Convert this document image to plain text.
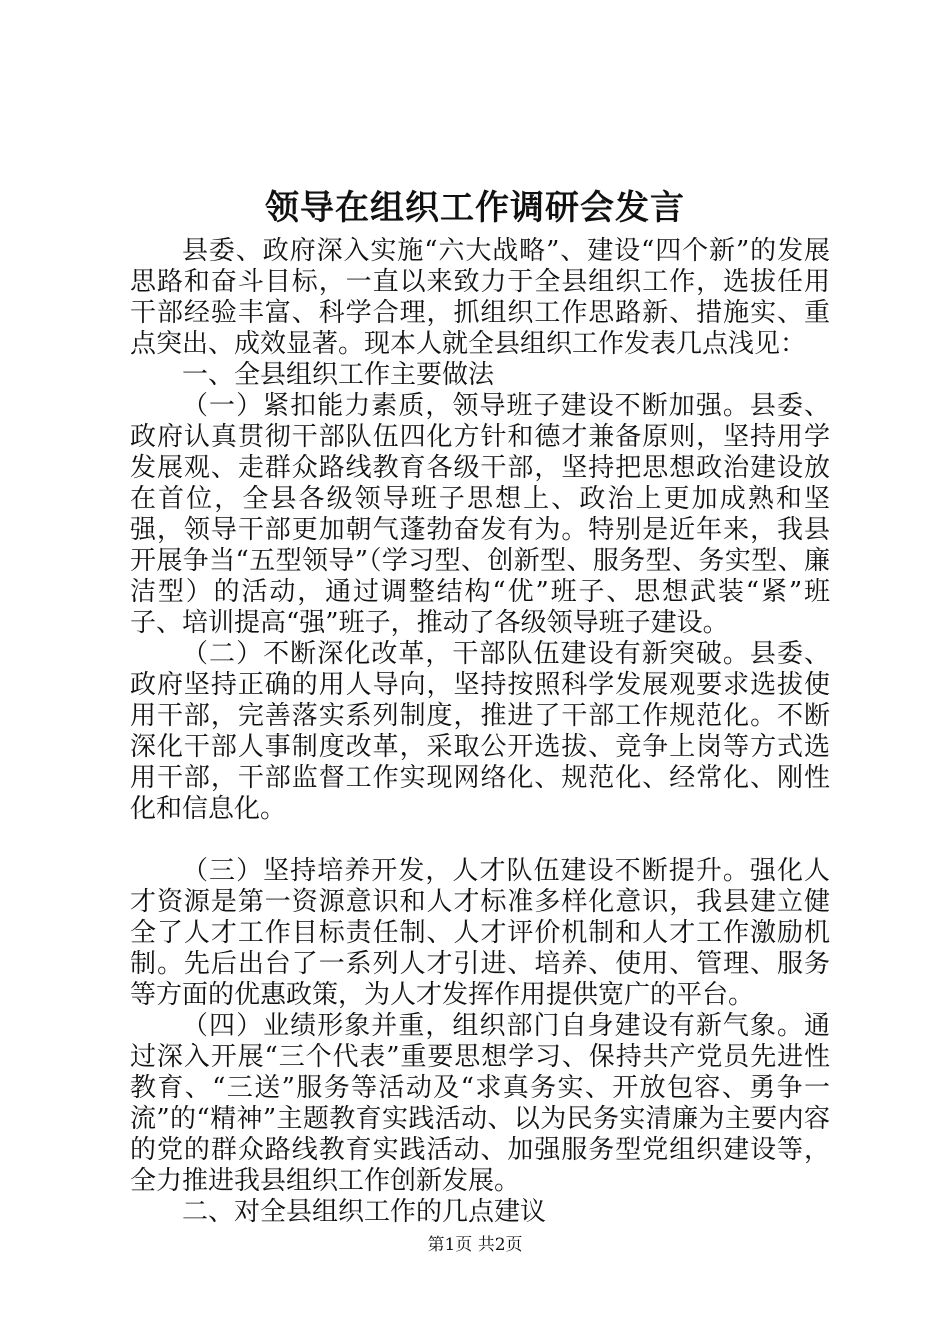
领导在组织工作调研会发言

县委、政府深入实施“六大战略”、建设“四个新”的发展思路和奋斗目标，一直以来致力于全县组织工作，选拔任用干部经验丰富、科学合理，抓组织工作思路新、措施实、重点突出、成效显著。现本人就全县组织工作发表几点浅见：

一、全县组织工作主要做法

（一）紧扣能力素质，领导班子建设不断加强。县委、政府认真贯彻干部队伍四化方针和德才兼备原则，坚持用学发展观、走群众路线教育各级干部，坚持把思想政治建设放在首位，全县各级领导班子思想上、政治上更加成熟和坚强，领导干部更加朝气蓬勃奋发有为。特别是近年来，我县开展争当“五型领导”（学习型、创新型、服务型、务实型、廉洁型）的活动，通过调整结构“优”班子、思想武装“紧”班子、培训提高“强”班子，推动了各级领导班子建设。

（二）不断深化改革，干部队伍建设有新突破。县委、政府坚持正确的用人导向，坚持按照科学发展观要求选拔使用干部，完善落实系列制度，推进了干部工作规范化。不断深化干部人事制度改革，采取公开选拔、竞争上岗等方式选用干部，干部监督工作实现网络化、规范化、经常化、刚性化和信息化。

（三）坚持培养开发，人才队伍建设不断提升。强化人才资源是第一资源意识和人才标准多样化意识，我县建立健全了人才工作目标责任制、人才评价机制和人才工作激励机制。先后出台了一系列人才引进、培养、使用、管理、服务等方面的优惠政策，为人才发挥作用提供宽广的平台。

（四）业绩形象并重，组织部门自身建设有新气象。通过深入开展“三个代表”重要思想学习、保持共产党员先进性教育、“三送”服务等活动及“求真务实、开放包容、勇争一流”的“精神”主题教育实践活动、以为民务实清廉为主要内容的党的群众路线教育实践活动、加强服务型党组织建设等，全力推进我县组织工作创新发展。

二、对全县组织工作的几点建议

第1页 共2页
